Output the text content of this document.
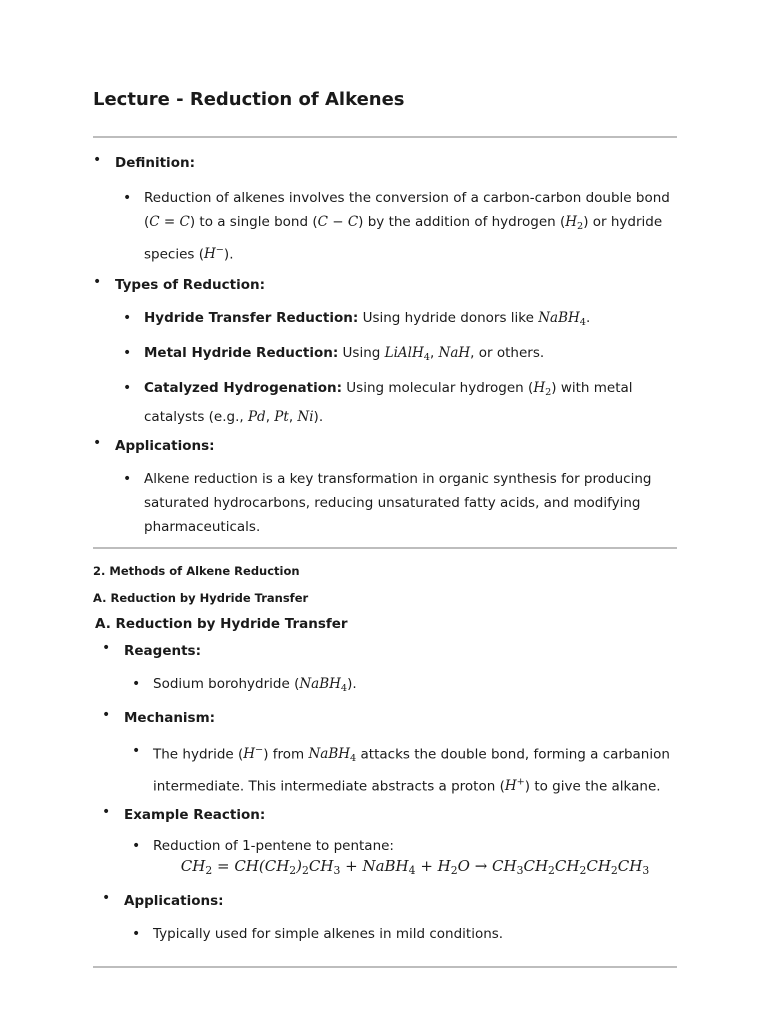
Lecture - Reduction of Alkenes
• Definition:
• Reduction of alkenes involves the conversion of a carbon-carbon double bond (C = C) to a single bond (C − C) by the addition of hydrogen $(H_2)$ or hydride species (H−).
• Types of Reduction:
• Hydride Transfer Reduction: Using hydride donors like NaBH$_4$.
• Metal Hydride Reduction: Using LiAlH$_4$, NaH, or others.
• Catalyzed Hydrogenation: Using molecular hydrogen $(H_2)$ with metal catalysts (e.g., Pd, Pt, Ni).
• Applications:
• Alkene reduction is a key transformation in organic synthesis for producing saturated hydrocarbons, reducing unsaturated fatty acids, and modifying pharmaceuticals.

2. Methods of Alkene Reduction

A. Reduction by Hydride Transfer

A. Reduction by Hydride Transfer

• Reagents:
• Sodium borohydride (NaBH$_4$).
• Mechanism:
• The hydride (H−) from NaBH$_4$ attacks the double bond, forming a carbanion intermediate. This intermediate abstracts a proton (H+) to give the alkane.
• Example Reaction:
• Reduction of 1-pentene to pentane:
$CH_2 = CH(CH_2)_2CH_3$ + NaBH$_4$ + $H_2O \to CH_3CH_2CH_2CH_2CH_3$
• Applications:
• Typically used for simple alkenes in mild conditions.
